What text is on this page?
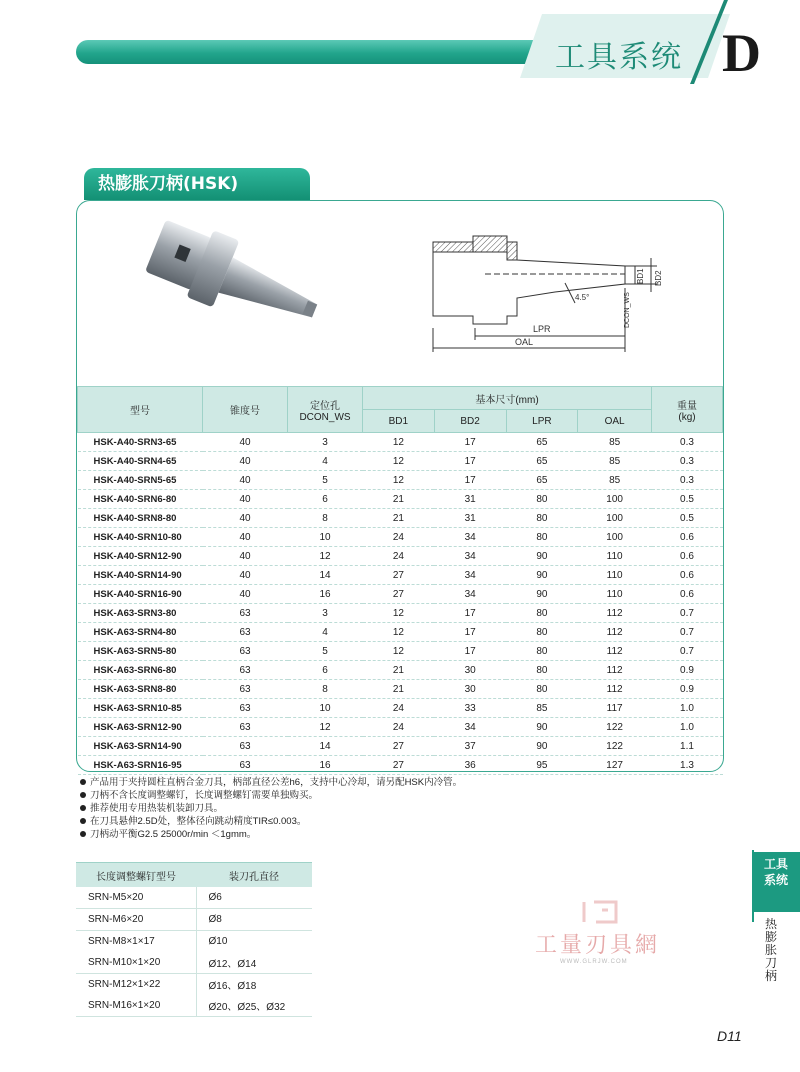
工具系统 D
热膨胀刀柄(HSK)
LPR
OAL
4.5°
BD1 BD2
DCON_WS
型号	锥度号	定位孔
DCON_WS	基本尺寸(mm)				重量
(kg)
			BD1	BD2	LPR	OAL	
HSK-A40-SRN3-65	40	3	12	17	65	85	0.3
HSK-A40-SRN4-65	40	4	12	17	65	85	0.3
HSK-A40-SRN5-65	40	5	12	17	65	85	0.3
HSK-A40-SRN6-80	40	6	21	31	80	100	0.5
HSK-A40-SRN8-80	40	8	21	31	80	100	0.5
HSK-A40-SRN10-80	40	10	24	34	80	100	0.6
HSK-A40-SRN12-90	40	12	24	34	90	110	0.6
HSK-A40-SRN14-90	40	14	27	34	90	110	0.6
HSK-A40-SRN16-90	40	16	27	34	90	110	0.6
HSK-A63-SRN3-80	63	3	12	17	80	112	0.7
HSK-A63-SRN4-80	63	4	12	17	80	112	0.7
HSK-A63-SRN5-80	63	5	12	17	80	112	0.7
HSK-A63-SRN6-80	63	6	21	30	80	112	0.9
HSK-A63-SRN8-80	63	8	21	30	80	112	0.9
HSK-A63-SRN10-85	63	10	24	33	85	117	1.0
HSK-A63-SRN12-90	63	12	24	34	90	122	1.0
HSK-A63-SRN14-90	63	14	27	37	90	122	1.1
HSK-A63-SRN16-95	63	16	27	36	95	127	1.3
产品用于夹持圆柱直柄合金刀具，柄部直径公差h6，支持中心冷却，请另配HSK内冷管。
刀柄不含长度调整螺钉，长度调整螺钉需要单独购买。
推荐使用专用热装机装卸刀具。
在刀具悬伸2.5D处，整体径向跳动精度TIR≤0.003。
刀柄动平衡G2.5 25000r/min ＜1gmm。
长度调整螺钉型号	装刀孔直径
SRN-M5×20	Ø6
SRN-M6×20	Ø8
SRN-M8×1×17	Ø10
SRN-M10×1×20	Ø12、Ø14
SRN-M12×1×22	Ø16、Ø18
SRN-M16×1×20	Ø20、Ø25、Ø32
工具
系统
热
膨
胀
刀
柄
工量刃具網
WWW.GLRJW.COM
D11
